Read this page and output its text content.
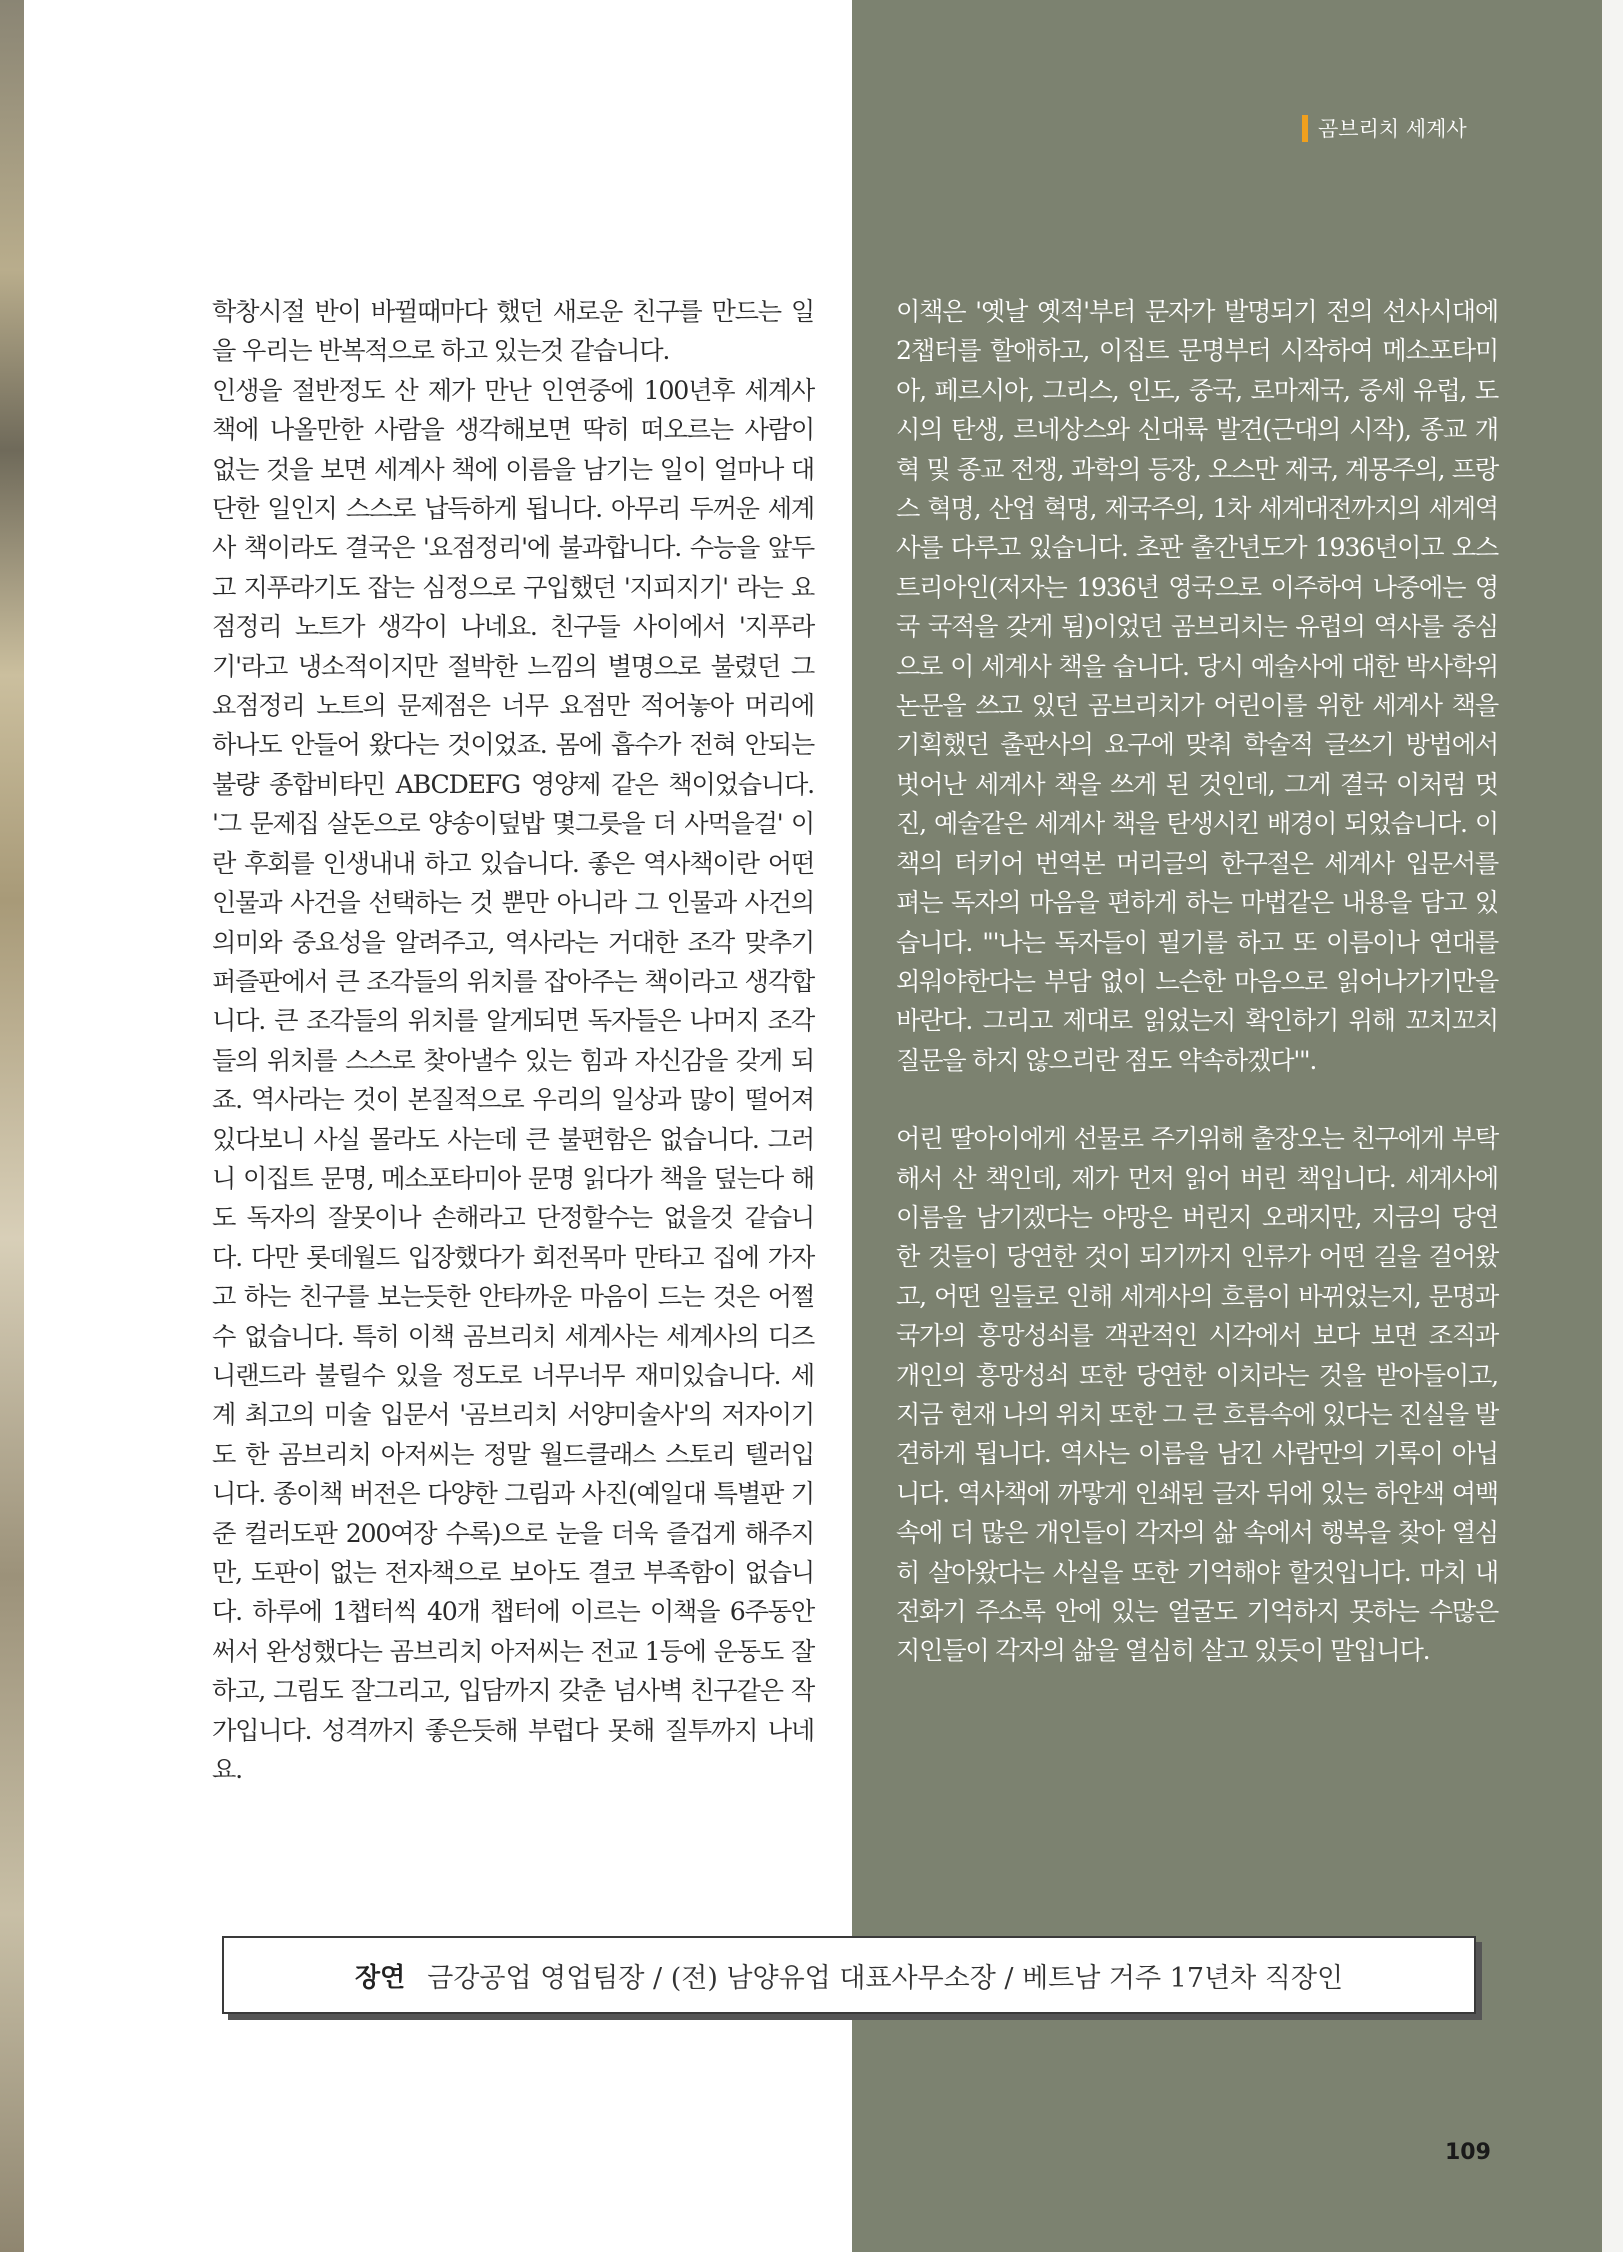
곰브리치 세계사

학창시절 반이 바뀔때마다 했던 새로운 친구를 만드는 일을 우리는 반복적으로 하고 있는것 같습니다.

인생을 절반정도 산 제가 만난 인연중에 100년후 세계사 책에 나올만한 사람을 생각해보면 딱히 떠오르는 사람이 없는 것을 보면 세계사 책에 이름을 남기는 일이 얼마나 대단한 일인지 스스로 납득하게 됩니다. 아무리 두꺼운 세계사 책이라도 결국은 '요점정리'에 불과합니다. 수능을 앞두고 지푸라기도 잡는 심정으로 구입했던 '지피지기' 라는 요점정리 노트가 생각이 나네요. 친구들 사이에서 '지푸라기'라고 냉소적이지만 절박한 느낌의 별명으로 불렸던 그 요점정리 노트의 문제점은 너무 요점만 적어놓아 머리에 하나도 안들어 왔다는 것이었죠. 몸에 흡수가 전혀 안되는 불량 종합비타민 ABCDEFG 영양제 같은 책이었습니다. '그 문제집 살돈으로 양송이덮밥 몇그릇을 더 사먹을걸' 이란 후회를 인생내내 하고 있습니다. 좋은 역사책이란 어떤 인물과 사건을 선택하는 것 뿐만 아니라 그 인물과 사건의 의미와 중요성을 알려주고, 역사라는 거대한 조각 맞추기 퍼즐판에서 큰 조각들의 위치를 잡아주는 책이라고 생각합니다. 큰 조각들의 위치를 알게되면 독자들은 나머지 조각들의 위치를 스스로 찾아낼수 있는 힘과 자신감을 갖게 되죠. 역사라는 것이 본질적으로 우리의 일상과 많이 떨어져 있다보니 사실 몰라도 사는데 큰 불편함은 없습니다. 그러니 이집트 문명, 메소포타미아 문명 읽다가 책을 덮는다 해도 독자의 잘못이나 손해라고 단정할수는 없을것 같습니다. 다만 롯데월드 입장했다가 회전목마 만타고 집에 가자고 하는 친구를 보는듯한 안타까운 마음이 드는 것은 어쩔수 없습니다. 특히 이책 곰브리치 세계사는 세계사의 디즈니랜드라 불릴수 있을 정도로 너무너무 재미있습니다. 세계 최고의 미술 입문서 '곰브리치 서양미술사'의 저자이기도 한 곰브리치 아저씨는 정말 월드클래스 스토리 텔러입니다. 종이책 버전은 다양한 그림과 사진(예일대 특별판 기준 컬러도판 200여장 수록)으로 눈을 더욱 즐겁게 해주지만, 도판이 없는 전자책으로 보아도 결코 부족함이 없습니다. 하루에 1챕터씩 40개 챕터에 이르는 이책을 6주동안 써서 완성했다는 곰브리치 아저씨는 전교 1등에 운동도 잘하고, 그림도 잘그리고, 입담까지 갖춘 넘사벽 친구같은 작가입니다. 성격까지 좋은듯해 부럽다 못해 질투까지 나네요.

이책은 '옛날 옛적'부터 문자가 발명되기 전의 선사시대에 2챕터를 할애하고, 이집트 문명부터 시작하여 메소포타미아, 페르시아, 그리스, 인도, 중국, 로마제국, 중세 유럽, 도시의 탄생, 르네상스와 신대륙 발견(근대의 시작), 종교 개혁 및 종교 전쟁, 과학의 등장, 오스만 제국, 계몽주의, 프랑스 혁명, 산업 혁명, 제국주의, 1차 세계대전까지의 세계역사를 다루고 있습니다. 초판 출간년도가 1936년이고 오스트리아인(저자는 1936년 영국으로 이주하여 나중에는 영국 국적을 갖게 됨)이었던 곰브리치는 유럽의 역사를 중심으로 이 세계사 책을 습니다. 당시 예술사에 대한 박사학위 논문을 쓰고 있던 곰브리치가 어린이를 위한 세계사 책을 기획했던 출판사의 요구에 맞춰 학술적 글쓰기 방법에서 벗어난 세계사 책을 쓰게 된 것인데, 그게 결국 이처럼 멋진, 예술같은 세계사 책을 탄생시킨 배경이 되었습니다. 이 책의 터키어 번역본 머리글의 한구절은 세계사 입문서를 펴는 독자의 마음을 편하게 하는 마법같은 내용을 담고 있습니다. "'나는 독자들이 필기를 하고 또 이름이나 연대를 외워야한다는 부담 없이 느슨한 마음으로 읽어나가기만을 바란다. 그리고 제대로 읽었는지 확인하기 위해 꼬치꼬치 질문을 하지 않으리란 점도 약속하겠다'".

어린 딸아이에게 선물로 주기위해 출장오는 친구에게 부탁해서 산 책인데, 제가 먼저 읽어 버린 책입니다. 세계사에 이름을 남기겠다는 야망은 버린지 오래지만, 지금의 당연한 것들이 당연한 것이 되기까지 인류가 어떤 길을 걸어왔고, 어떤 일들로 인해 세계사의 흐름이 바뀌었는지, 문명과 국가의 흥망성쇠를 객관적인 시각에서 보다 보면 조직과 개인의 흥망성쇠 또한 당연한 이치라는 것을 받아들이고, 지금 현재 나의 위치 또한 그 큰 흐름속에 있다는 진실을 발견하게 됩니다. 역사는 이름을 남긴 사람만의 기록이 아닙니다. 역사책에 까맣게 인쇄된 글자 뒤에 있는 하얀색 여백속에 더 많은 개인들이 각자의 삶 속에서 행복을 찾아 열심히 살아왔다는 사실을 또한 기억해야 할것입니다. 마치 내 전화기 주소록 안에 있는 얼굴도 기억하지 못하는 수많은 지인들이 각자의 삶을 열심히 살고 있듯이 말입니다.

장연 금강공업 영업팀장 / (전) 남양유업 대표사무소장 / 베트남 거주 17년차 직장인
109
